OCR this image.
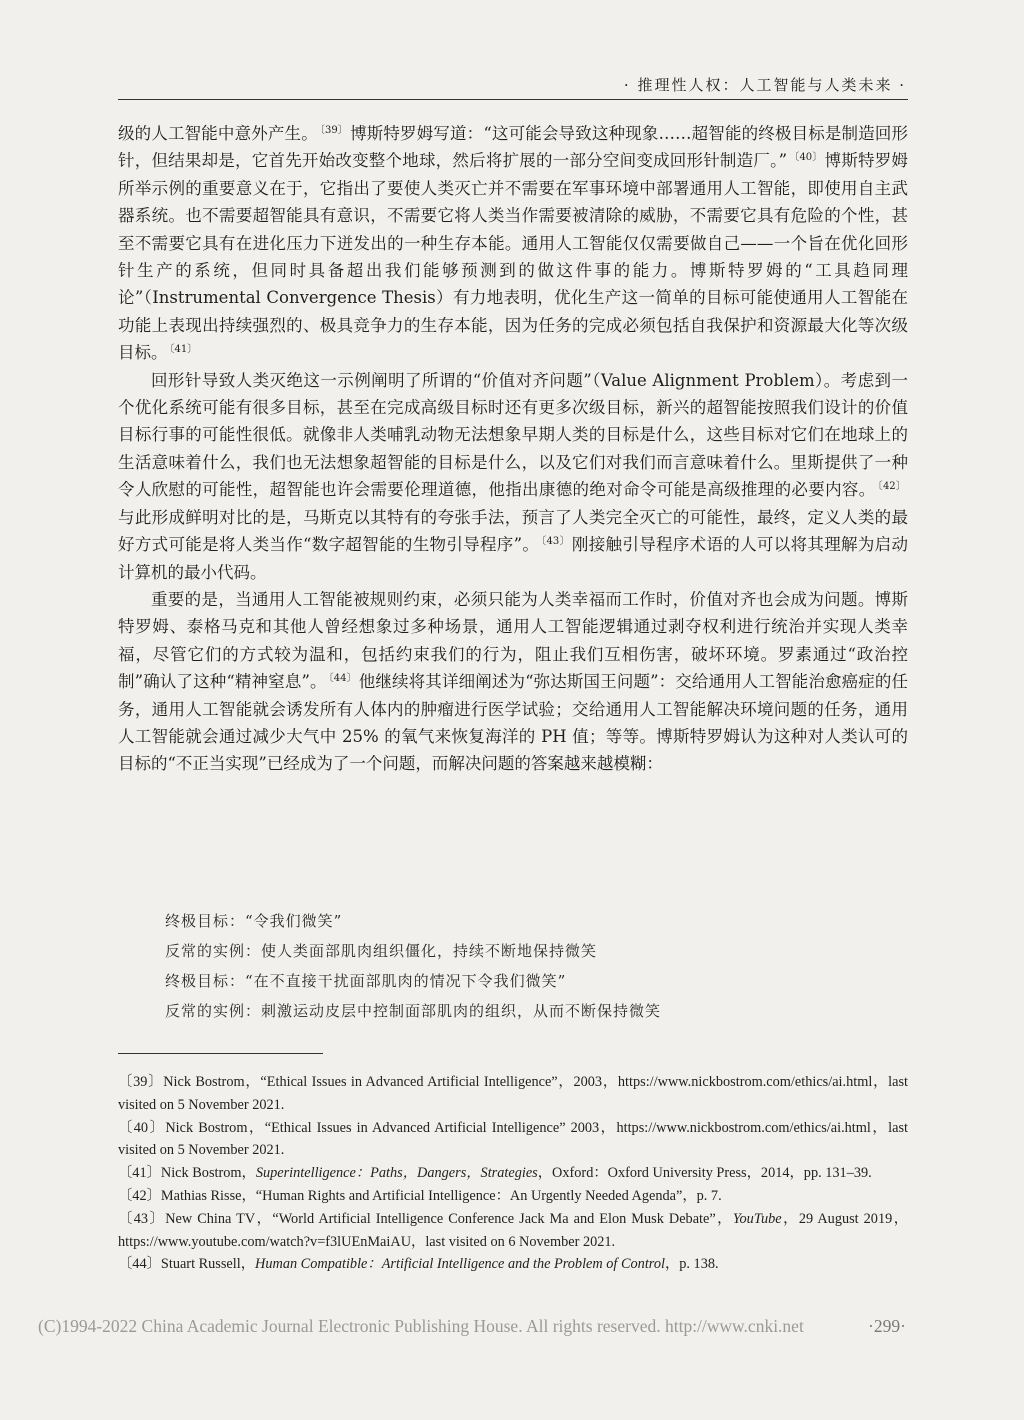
· 推理性人权：人工智能与人类未来 ·

级的人工智能中意外产生。 $^{〔39〕}$ 博斯特罗姆写道：“这可能会导致这种现象……超智能的终极目标是制造回形针，但结果却是，它首先开始改变整个地球，然后将扩展的一部分空间变成回形针制造厂。” $^{〔40〕}$ 博斯特罗姆所举示例的重要意义在于，它指出了要使人类灭亡并不需要在军事环境中部署通用人工智能，即使用自主武器系统。也不需要超智能具有意识，不需要它将人类当作需要被清除的威胁，不需要它具有危险的个性，甚至不需要它具有在进化压力下迸发出的一种生存本能。通用人工智能仅仅需要做自己——一个旨在优化回形针生产的系统，但同时具备超出我们能够预测到的做这件事的能力。博斯特罗姆的“工具趋同理论”（Instrumental Convergence Thesis）有力地表明，优化生产这一简单的目标可能使通用人工智能在功能上表现出持续强烈的、极具竞争力的生存本能，因为任务的完成必须包括自我保护和资源最大化等次级目标。 $^{〔41〕}$

回形针导致人类灭绝这一示例阐明了所谓的“价值对齐问题”（Value Alignment Problem）。考虑到一个优化系统可能有很多目标，甚至在完成高级目标时还有更多次级目标，新兴的超智能按照我们设计的价值目标行事的可能性很低。就像非人类哺乳动物无法想象早期人类的目标是什么，这些目标对它们在地球上的生活意味着什么，我们也无法想象超智能的目标是什么，以及它们对我们而言意味着什么。里斯提供了一种令人欣慰的可能性，超智能也许会需要伦理道德，他指出康德的绝对命令可能是高级推理的必要内容。 $^{〔42〕}$与此形成鲜明对比的是，马斯克以其特有的夸张手法，预言了人类完全灭亡的可能性，最终，定义人类的最好方式可能是将人类当作“数字超智能的生物引导程序”。 $^{〔43〕}$ 刚接触引导程序术语的人可以将其理解为启动计算机的最小代码。

重要的是，当通用人工智能被规则约束，必须只能为人类幸福而工作时，价值对齐也会成为问题。博斯特罗姆、泰格马克和其他人曾经想象过多种场景，通用人工智能逻辑通过剥夺权利进行统治并实现人类幸福，尽管它们的方式较为温和，包括约束我们的行为，阻止我们互相伤害，破坏环境。罗素通过“政治控制”确认了这种“精神窒息”。 $^{〔44〕}$ 他继续将其详细阐述为“弥达斯国王问题”：交给通用人工智能治愈癌症的任务，通用人工智能就会诱发所有人体内的肿瘤进行医学试验；交给通用人工智能解决环境问题的任务，通用人工智能就会通过减少大气中 25% 的氧气来恢复海洋的 PH 值；等等。博斯特罗姆认为这种对人类认可的目标的“不正当实现”已经成为了一个问题，而解决问题的答案越来越模糊：

终极目标：“令我们微笑”

反常的实例：使人类面部肌肉组织僵化，持续不断地保持微笑

终极目标：“在不直接干扰面部肌肉的情况下令我们微笑”

反常的实例：刺激运动皮层中控制面部肌肉的组织，从而不断保持微笑

〔39〕Nick Bostrom，“Ethical Issues in Advanced Artificial Intelligence”，2003，https://www.nickbostrom.com/ethics/ai.html，last visited on 5 November 2021.

〔40〕Nick Bostrom，“Ethical Issues in Advanced Artificial Intelligence” 2003，https://www.nickbostrom.com/ethics/ai.html，last visited on 5 November 2021.

〔41〕Nick Bostrom，Superintelligence：Paths，Dangers，Strategies，Oxford：Oxford University Press，2014，pp. 131–39.

〔42〕Mathias Risse，“Human Rights and Artificial Intelligence：An Urgently Needed Agenda”，p. 7.

〔43〕New China TV，“World Artificial Intelligence Conference Jack Ma and Elon Musk Debate”，YouTube，29 August 2019，https://www.youtube.com/watch?v=f3lUEnMaiAU，last visited on 6 November 2021.

〔44〕Stuart Russell，Human Compatible：Artificial Intelligence and the Problem of Control，p. 138.

(C)1994-2022 China Academic Journal Electronic Publishing House. All rights reserved. http://www.cnki.net	·299·
